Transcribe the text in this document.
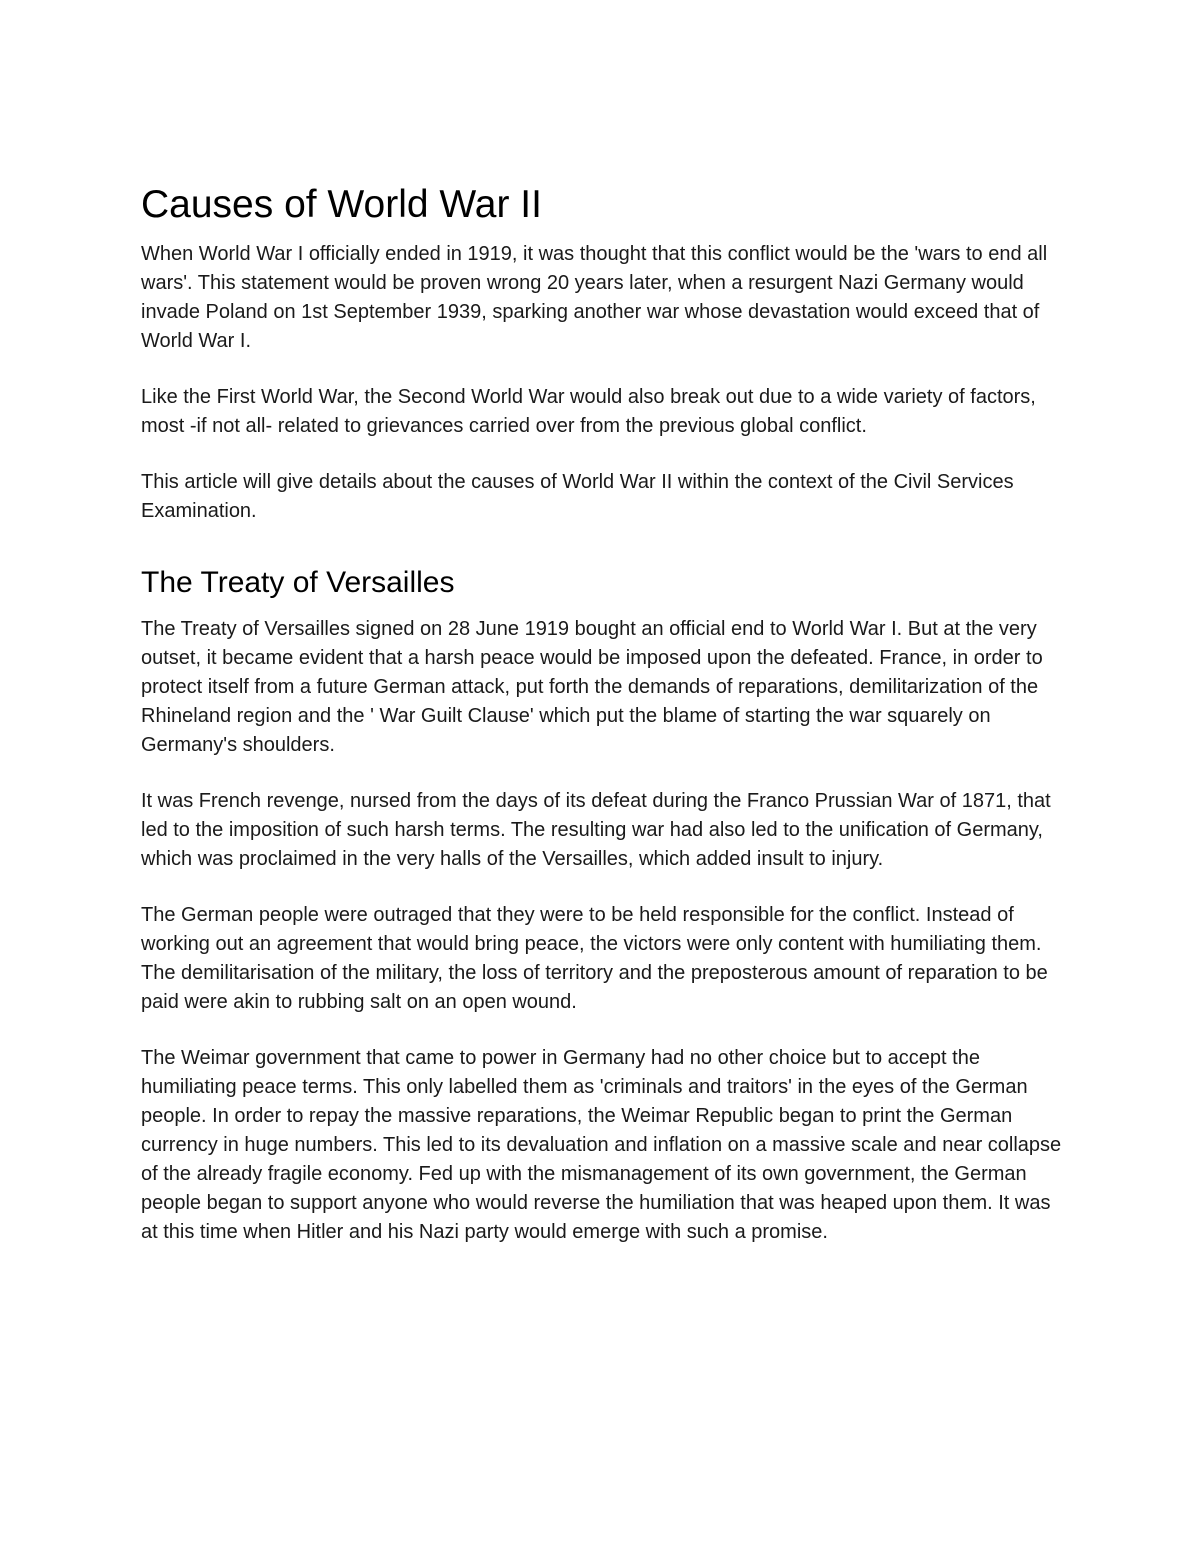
Causes of World War II

When World War I officially ended in 1919, it was thought that this conflict would be the 'wars to end all wars'. This statement would be proven wrong 20 years later, when a resurgent Nazi Germany would invade Poland on 1st September 1939, sparking another war whose devastation would exceed that of World War I.

Like the First World War, the Second World War would also break out due to a wide variety of factors, most -if not all- related to grievances carried over from the previous global conflict.

This article will give details about the causes of World War II within the context of the Civil Services Examination.

The Treaty of Versailles

The Treaty of Versailles signed on 28 June 1919 bought an official end to World War I. But at the very outset, it became evident that a harsh peace would be imposed upon the defeated. France, in order to protect itself from a future German attack, put forth the demands of reparations, demilitarization of the Rhineland region and the ' War Guilt Clause' which put the blame of starting the war squarely on Germany's shoulders.

It was French revenge, nursed from the days of its defeat during the Franco Prussian War of 1871, that led to the imposition of such harsh terms. The resulting war had also led to the unification of Germany, which was proclaimed in the very halls of the Versailles, which added insult to injury.

The German people were outraged that they were to be held responsible for the conflict. Instead of working out an agreement that would bring peace, the victors were only content with humiliating them. The demilitarisation of the military, the loss of territory and the preposterous amount of reparation to be paid were akin to rubbing salt on an open wound.

The Weimar government that came to power in Germany had no other choice but to accept the humiliating peace terms. This only labelled them as 'criminals and traitors' in the eyes of the German people. In order to repay the massive reparations, the Weimar Republic began to print the German currency in huge numbers. This led to its devaluation and inflation on a massive scale and near collapse of the already fragile economy. Fed up with the mismanagement of its own government, the German people began to support anyone who would reverse the humiliation that was heaped upon them. It was at this time when Hitler and his Nazi party would emerge with such a promise.
